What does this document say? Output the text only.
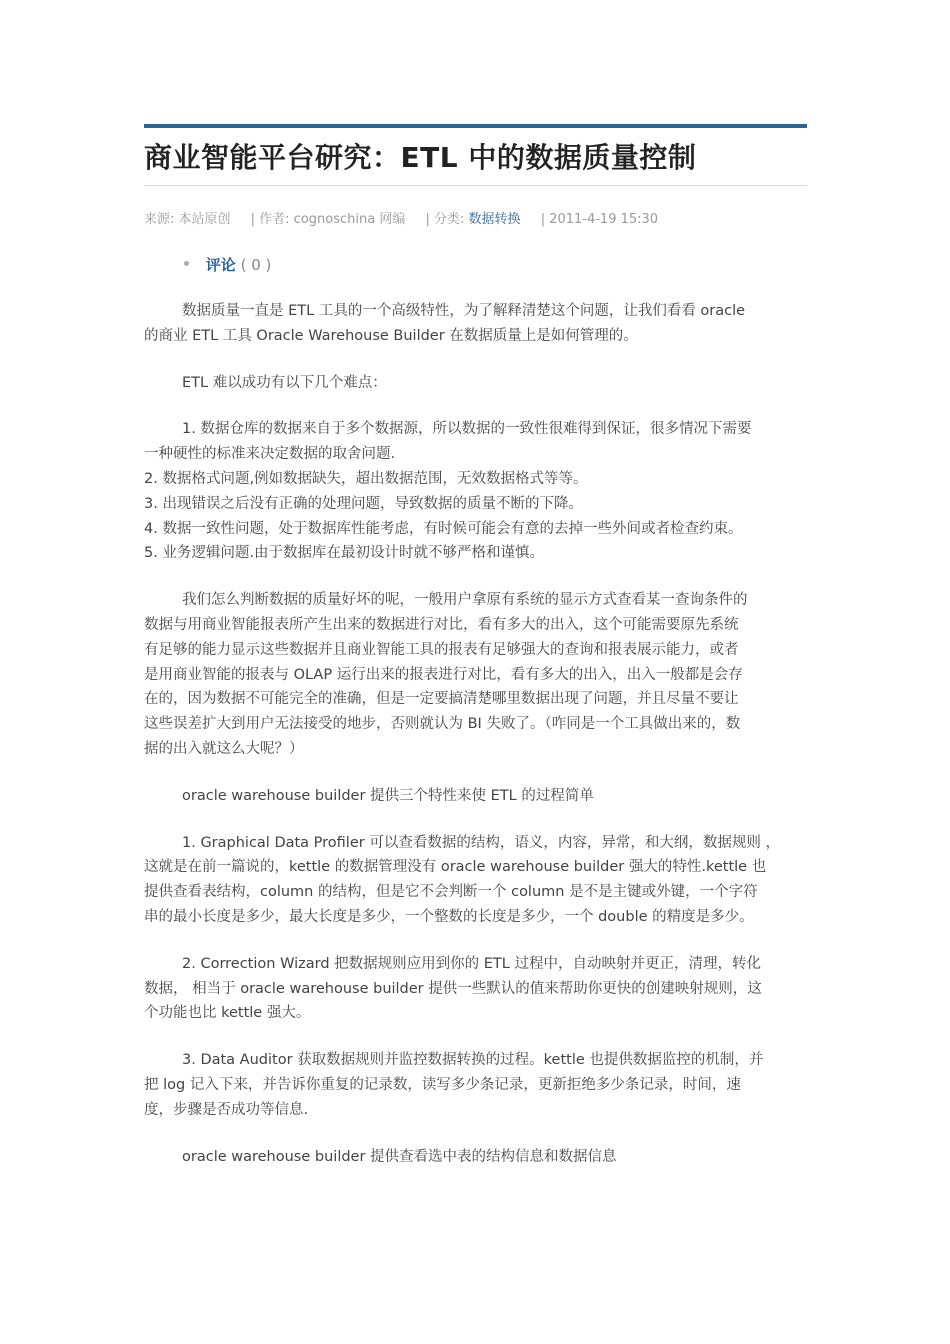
商业智能平台研究：ETL 中的数据质量控制
来源: 本站原创 | 作者: cognoschina 网编 | 分类: 数据转换 | 2011-4-19 15:30
评论 ( 0 )

数据质量一直是 ETL 工具的一个高级特性，为了解释清楚这个问题，让我们看看 oracle

的商业 ETL 工具 Oracle Warehouse Builder 在数据质量上是如何管理的。

ETL 难以成功有以下几个难点：

1. 数据仓库的数据来自于多个数据源，所以数据的一致性很难得到保证，很多情况下需要

一种硬性的标准来决定数据的取舍问题.

2. 数据格式问题,例如数据缺失，超出数据范围，无效数据格式等等。

3. 出现错误之后没有正确的处理问题，导致数据的质量不断的下降。

4. 数据一致性问题，处于数据库性能考虑，有时候可能会有意的去掉一些外间或者检查约束。

5. 业务逻辑问题.由于数据库在最初设计时就不够严格和谨慎。

我们怎么判断数据的质量好坏的呢，一般用户拿原有系统的显示方式查看某一查询条件的

数据与用商业智能报表所产生出来的数据进行对比，看有多大的出入，这个可能需要原先系统

有足够的能力显示这些数据并且商业智能工具的报表有足够强大的查询和报表展示能力，或者

是用商业智能的报表与 OLAP 运行出来的报表进行对比，看有多大的出入，出入一般都是会存

在的，因为数据不可能完全的准确，但是一定要搞清楚哪里数据出现了问题，并且尽量不要让

这些误差扩大到用户无法接受的地步，否则就认为 BI 失败了。（咋同是一个工具做出来的，数

据的出入就这么大呢？）

oracle warehouse builder 提供三个特性来使 ETL 的过程简单

1. Graphical Data Profiler 可以查看数据的结构，语义，内容，异常，和大纲，数据规则 ，

这就是在前一篇说的，kettle 的数据管理没有 oracle warehouse builder 强大的特性.kettle 也

提供查看表结构，column 的结构，但是它不会判断一个 column 是不是主键或外键，一个字符

串的最小长度是多少，最大长度是多少，一个整数的长度是多少，一个 double 的精度是多少。

2. Correction Wizard 把数据规则应用到你的 ETL 过程中，自动映射并更正，清理，转化

数据， 相当于 oracle warehouse builder 提供一些默认的值来帮助你更快的创建映射规则，这

个功能也比 kettle 强大。

3. Data Auditor 获取数据规则并监控数据转换的过程。kettle 也提供数据监控的机制，并

把 log 记入下来，并告诉你重复的记录数，读写多少条记录，更新拒绝多少条记录，时间，速

度，步骤是否成功等信息.

oracle warehouse builder 提供查看选中表的结构信息和数据信息
